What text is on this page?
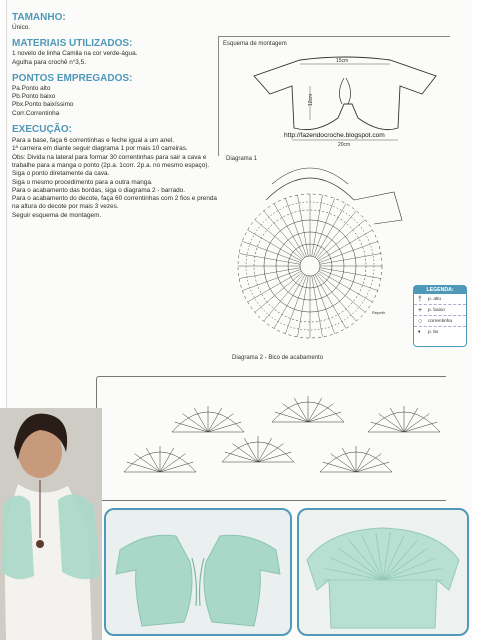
TAMANHO:
Único.
MATERIAIS UTILIZADOS:
1 novelo de linha Camila na cor verde-água.
Agulha para crochê n°3,5.
PONTOS EMPREGADOS:
Pa.Ponto alto
Pb.Ponto baixo
Pbx.Ponto baixíssimo
Corr.Correntinha
EXECUÇÃO:

Para a base, faça 6 correntinhas e feche igual a um anel.

1ª carreira em diante seguir diagrama 1 por mais 10 carreiras.

Obs: Divida na lateral para formar 30 correntinhas para sair a cava e trabalhe para a manga o ponto (2p.a. 1corr. 2p.a. no mesmo espaço).

Siga o ponto diretamente da cava.

Siga o mesmo procedimento para a outra manga.

Para o acabamento das bordas, siga o diagrama 2 - barrado.

Para o acabamento do decote, faça 60 correntinhas com 2 fios e prenda na altura do decote por mais 3 vezes.

Seguir esquema de montagem.

Esquema de montagem
15cm
12cm
20cm
http://fazendocroche.blogspot.com
Diagrama 1
Repetir
LEGENDA:
†	p. alto
+	p. baixo
○	correntinha
•	p. bx
Diagrama 2 - Bico de acabamento
